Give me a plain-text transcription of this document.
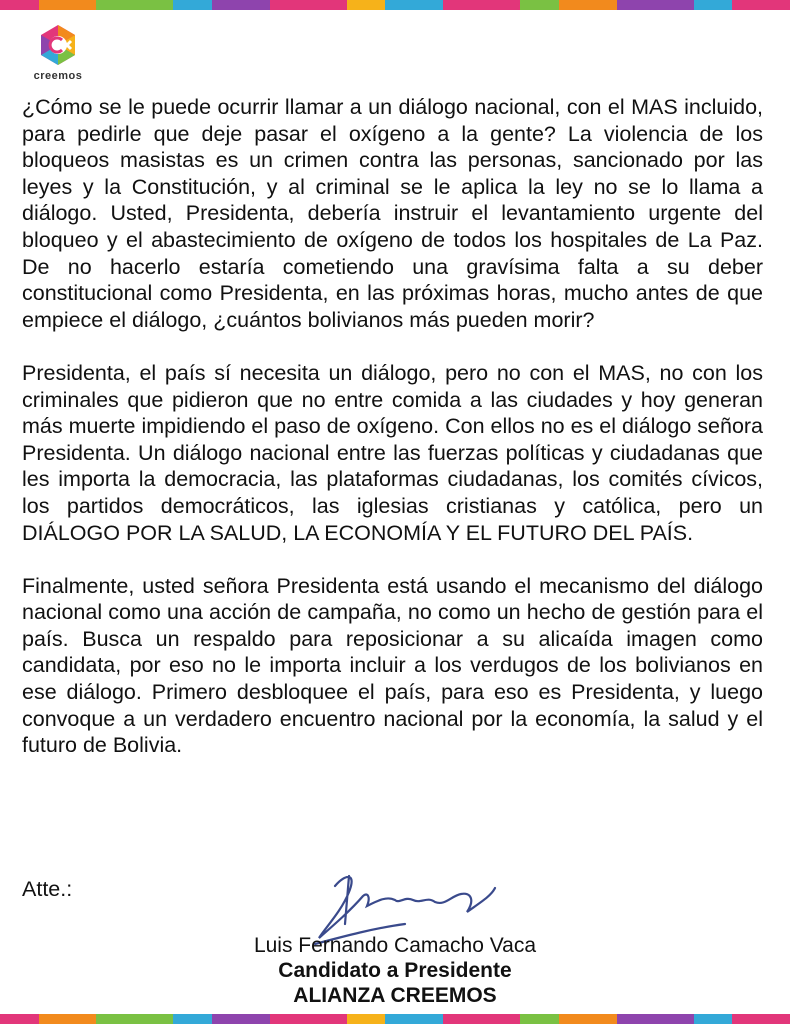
creemos

¿Cómo se le puede ocurrir llamar a un diálogo nacional, con el MAS incluido, para pedirle que deje pasar el oxígeno a la gente? La violencia de los bloqueos masistas es un crimen contra las personas, sancionado por las leyes y la Constitución, y al criminal se le aplica la ley no se lo llama a diálogo. Usted, Presidenta, debería instruir el levantamiento urgente del bloqueo y el abastecimiento de oxígeno de todos los hospitales de La Paz. De no hacerlo estaría cometiendo una gravísima falta a su deber constitucional como Presidenta, en las próximas horas, mucho antes de que empiece el diálogo, ¿cuántos bolivianos más pueden morir?

Presidenta, el país sí necesita un diálogo, pero no con el MAS, no con los criminales que pidieron que no entre comida a las ciudades y hoy generan más muerte impidiendo el paso de oxígeno. Con ellos no es el diálogo señora Presidenta. Un diálogo nacional entre las fuerzas políticas y ciudadanas que les importa la democracia, las plataformas ciudadanas, los comités cívicos, los partidos democráticos, las iglesias cristianas y católica, pero un DIÁLOGO POR LA SALUD, LA ECONOMÍA Y EL FUTURO DEL PAÍS.

Finalmente, usted señora Presidenta está usando el mecanismo del diálogo nacional como una acción de campaña, no como un hecho de gestión para el país. Busca un respaldo para reposicionar a su alicaída imagen como candidata, por eso no le importa incluir a los verdugos de los bolivianos en ese diálogo. Primero desbloquee el país, para eso es Presidenta, y luego convoque a un verdadero encuentro nacional por la economía, la salud y el futuro de Bolivia.

Atte.:
Luis Fernando Camacho Vaca
Candidato a Presidente
ALIANZA CREEMOS
